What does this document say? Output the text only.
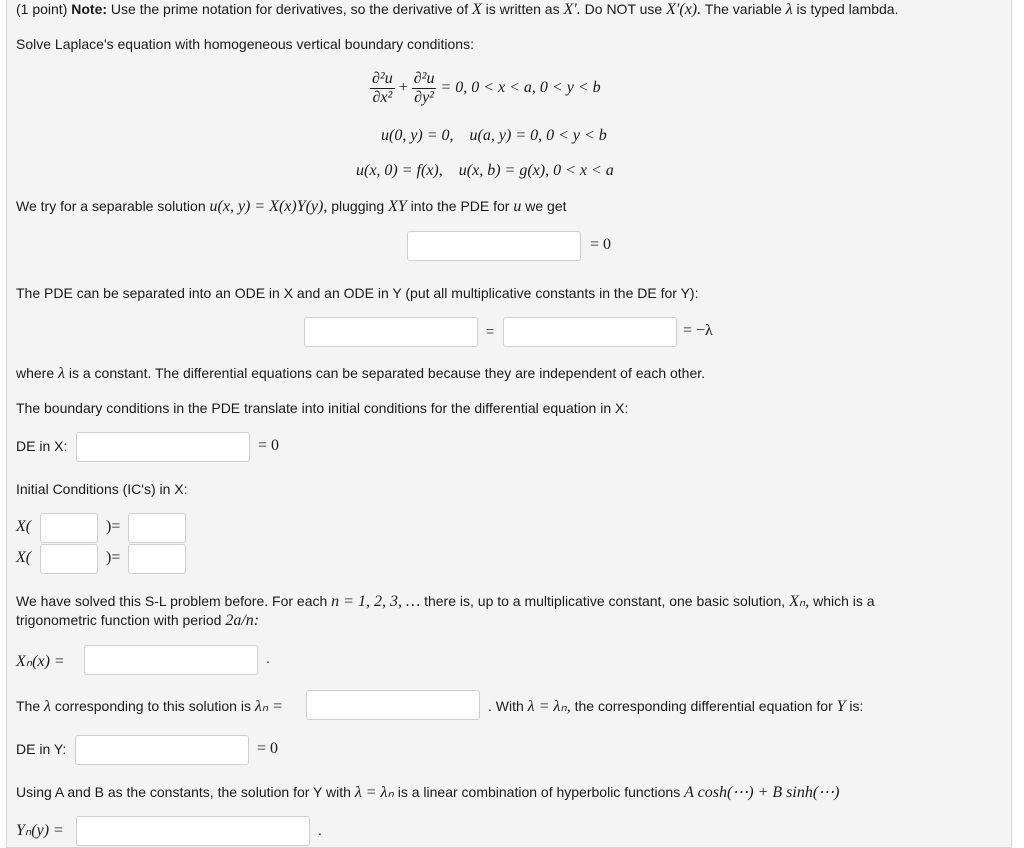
(1 point) Note: Use the prime notation for derivatives, so the derivative of X is written as X′. Do NOT use X′(x). The variable λ is typed lambda.
Solve Laplace's equation with homogeneous vertical boundary conditions:
$\frac{\text{∂²u}}{\text{∂x²}} + \frac{\text{∂²u}}{\text{∂y²}} = 0$, 0 < x < a, 0 < y < b
u(0, y) = 0,    u(a, y) = 0, 0 < y < b
u(x, 0) = f(x),    u(x, b) = g(x), 0 < x < a
We try for a separable solution u(x, y) = X(x)Y(y), plugging XY into the PDE for u we get
= 0
The PDE can be separated into an ODE in X and an ODE in Y (put all multiplicative constants in the DE for Y):
=	= −λ
where λ is a constant. The differential equations can be separated because they are independent of each other.
The boundary conditions in the PDE translate into initial conditions for the differential equation in X:
DE in X:	= 0
Initial Conditions (IC's) in X:
X(	)=
X(	)=
We have solved this S-L problem before. For each n = 1, 2, 3, … there is, up to a multiplicative constant, one basic solution, Xₙ, which is a
trigonometric function with period 2a/n:
Xₙ(x) =	.
The λ corresponding to this solution is λₙ =	. With λ = λₙ, the corresponding differential equation for Y is:
DE in Y:	= 0
Using A and B as the constants, the solution for Y with λ = λₙ is a linear combination of hyperbolic functions A cosh(⋯) + B sinh(⋯)
Yₙ(y) =	.
